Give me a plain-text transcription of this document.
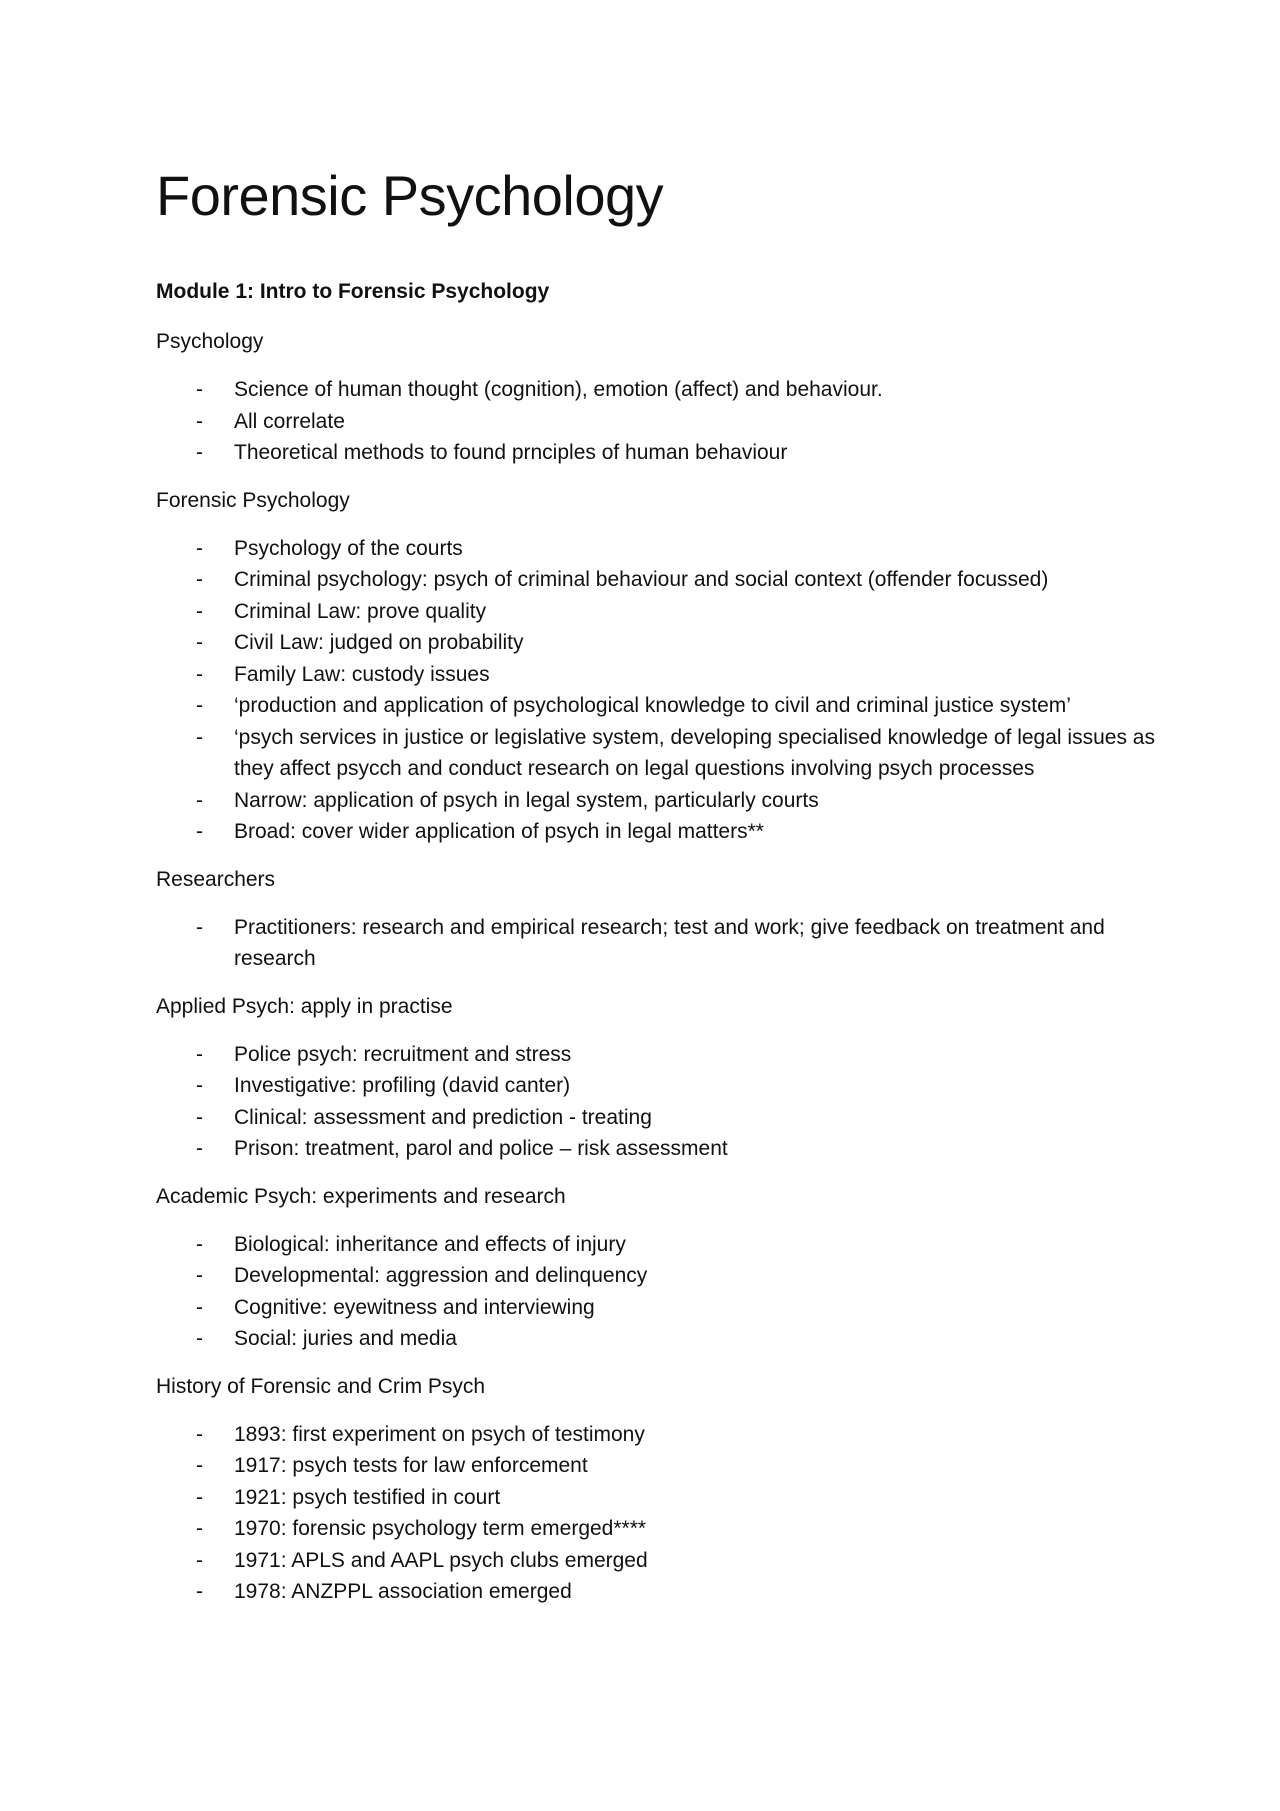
Forensic Psychology
Module 1: Intro to Forensic Psychology
Psychology
- Science of human thought (cognition), emotion (affect) and behaviour.
- All correlate
- Theoretical methods to found prnciples of human behaviour
Forensic Psychology
- Psychology of the courts
- Criminal psychology: psych of criminal behaviour and social context (offender focussed)
- Criminal Law: prove quality
- Civil Law: judged on probability
- Family Law: custody issues
- ‘production and application of psychological knowledge to civil and criminal justice system’
- ‘psych services in justice or legislative system, developing specialised knowledge of legal issues as they affect psycch and conduct research on legal questions involving psych processes
- Narrow: application of psych in legal system, particularly courts
- Broad: cover wider application of psych in legal matters**
Researchers
- Practitioners: research and empirical research; test and work; give feedback on treatment and research
Applied Psych: apply in practise
- Police psych: recruitment and stress
- Investigative: profiling (david canter)
- Clinical: assessment and prediction - treating
- Prison: treatment, parol and police – risk assessment
Academic Psych: experiments and research
- Biological: inheritance and effects of injury
- Developmental: aggression and delinquency
- Cognitive: eyewitness and interviewing
- Social: juries and media
History of Forensic and Crim Psych
- 1893: first experiment on psych of testimony
- 1917: psych tests for law enforcement
- 1921: psych testified in court
- 1970: forensic psychology term emerged****
- 1971: APLS and AAPL psych clubs emerged
- 1978: ANZPPL association emerged
